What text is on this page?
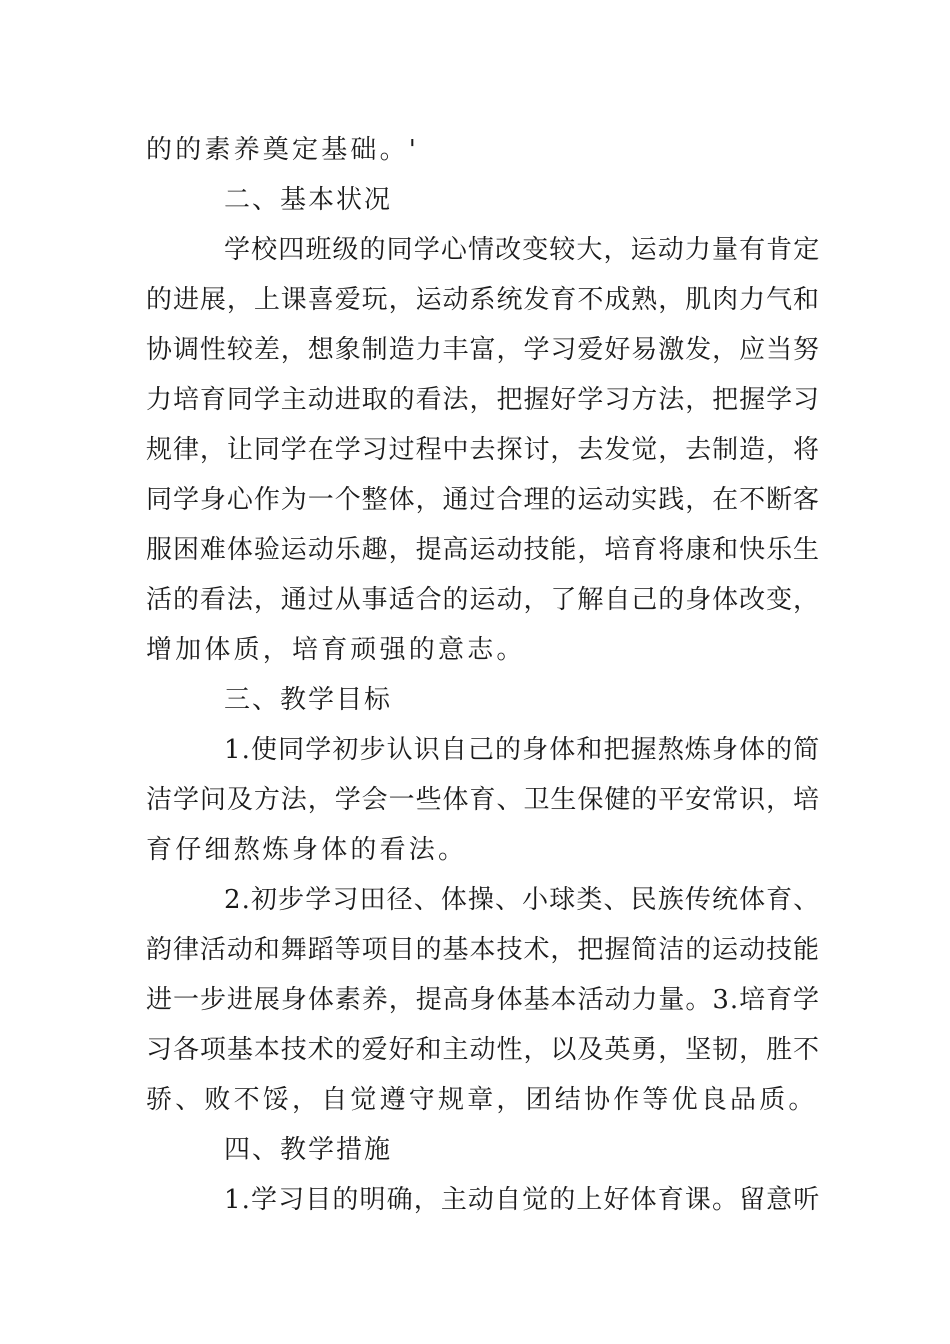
的的素养奠定基础。'
二、基本状况
学校四班级的同学心情改变较大，运动力量有肯定
的进展，上课喜爱玩，运动系统发育不成熟，肌肉力气和
协调性较差，想象制造力丰富，学习爱好易激发，应当努
力培育同学主动进取的看法，把握好学习方法，把握学习
规律，让同学在学习过程中去探讨，去发觉，去制造，将
同学身心作为一个整体，通过合理的运动实践，在不断客
服困难体验运动乐趣，提高运动技能，培育将康和快乐生
活的看法，通过从事适合的运动，了解自己的身体改变，
增加体质，培育顽强的意志。
三、教学目标
1.使同学初步认识自己的身体和把握熬炼身体的简
洁学问及方法，学会一些体育、卫生保健的平安常识，培
育仔细熬炼身体的看法。
2.初步学习田径、体操、小球类、民族传统体育、
韵律活动和舞蹈等项目的基本技术，把握简洁的运动技能
进一步进展身体素养，提高身体基本活动力量。3.培育学
习各项基本技术的爱好和主动性，以及英勇，坚韧，胜不
骄、败不馁，自觉遵守规章，团结协作等优良品质。
四、教学措施
1.学习目的明确，主动自觉的上好体育课。留意听
